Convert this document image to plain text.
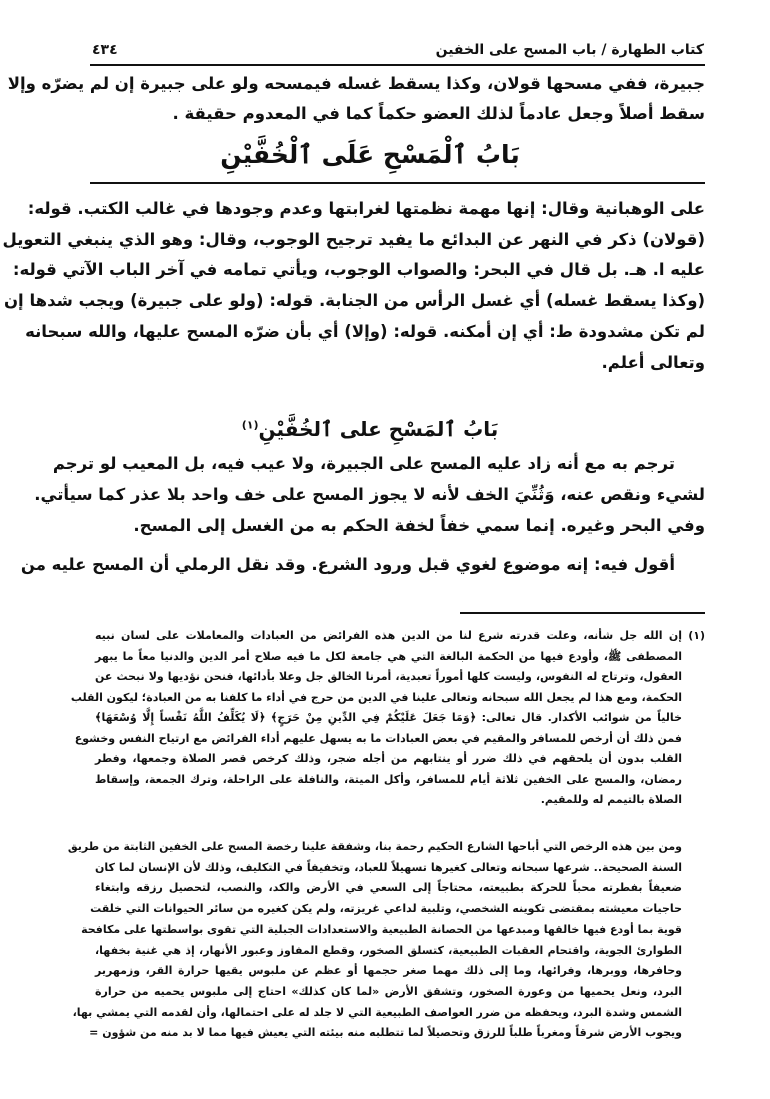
٤٣٤	كتاب الطهارة / باب المسح على الخفين
جبيرة، ففي مسحها قولان، وكذا يسقط غسله فيمسحه ولو على جبيرة إن لم يضرّه وإلا
سقط أصلاً وجعل عادماً لذلك العضو حكماً كما في المعدوم حقيقة .
بَابُ ٱلْمَسْحِ عَلَى ٱلْخُفَّيْنِ
على الوهبانية وقال: إنها مهمة نظمتها لغرابتها وعدم وجودها في غالب الكتب. قوله:
(قولان) ذكر في النهر عن البدائع ما يفيد ترجيح الوجوب، وقال: وهو الذي ينبغي التعويل
عليه ا. هـ. بل قال في البحر: والصواب الوجوب، ويأتي تمامه في آخر الباب الآتي قوله:
(وكذا يسقط غسله) أي غسل الرأس من الجنابة. قوله: (ولو على جبيرة) ويجب شدها إن
لم تكن مشدودة ط: أي إن أمكنه. قوله: (وإلا) أي بأن ضرّه المسح عليها، والله سبحانه
وتعالى أعلم.
بَابُ ٱلمَسْحِ على ٱلخُفَّيْنِ$^{(١)}$
ترجم به مع أنه زاد عليه المسح على الجبيرة، ولا عيب فيه، بل المعيب لو ترجم
لشيء ونقص عنه، وَثُنِّيَ الخف لأنه لا يجوز المسح على خف واحد بلا عذر كما سيأتي.
وفي البحر وغيره. إنما سمي خفاً لخفة الحكم به من الغسل إلى المسح.
أقول فيه: إنه موضوع لغوي قبل ورود الشرع. وقد نقل الرملي أن المسح عليه من
(١)
إن الله جل شأنه، وعلت قدرته شرع لنا من الدين هذه الفرائض من العبادات والمعاملات على لسان نبيه
المصطفى ﷺ، وأودع فيها من الحكمة البالغة التي هي جامعة لكل ما فيه صلاح أمر الدين والدنيا معاً ما يبهر
العقول، وترتاح له النفوس، وليست كلها أموراً تعبدية، أمرنا الخالق جل وعلا بأدائها، فنحن نؤديها ولا نبحث عن
الحكمة، ومع هذا لم يجعل الله سبحانه وتعالى علينا في الدين من حرج في أداء ما كلفنا به من العبادة؛ ليكون القلب
خالياً من شوائب الأكدار. قال تعالى: ﴿وَمَا جَعَلَ عَلَيْكُمْ فِي الدِّينِ مِنْ حَرَجٍ﴾ ﴿لَا يُكَلِّفُ اللَّهُ نَفْساً إِلَّا وُسْعَهَا﴾
فمن ذلك أن أرخص للمسافر والمقيم في بعض العبادات ما به يسهل عليهم أداء الفرائض مع ارتياح النفس وخشوع
القلب بدون أن يلحقهم في ذلك ضرر أو ينتابهم من أجله ضجر، وذلك كرخص قصر الصلاة وجمعها، وفطر
رمضان، والمسح على الخفين ثلاثة أيام للمسافر، وأكل الميتة، والنافلة على الراحلة، وترك الجمعة، وإسقاط
الصلاة بالتيمم له وللمقيم.
ومن بين هذه الرخص التي أباحها الشارع الحكيم رحمة بنا، وشفقة علينا رخصة المسح على الخفين الثابتة من طريق
السنة الصحيحة.. شرعها سبحانه وتعالى كغيرها تسهيلاً للعباد، وتخفيفاً في التكليف، وذلك لأن الإنسان لما كان
ضعيفاً بفطرته محباً للحركة بطبيعته، محتاجاً إلى السعي في الأرض والكد، والنصب، لتحصيل رزقه وابتغاء
حاجيات معيشته بمقتضى تكوينه الشخصي، وتلبية لداعي غريزته، ولم يكن كغيره من سائر الحيوانات التي خلقت
قوية بما أودع فيها خالقها ومبدعها من الحصانة الطبيعية والاستعدادات الجبلية التي تقوى بواسطتها على مكافحة
الطوارئ الجوية، واقتحام العقبات الطبيعية، كتسلق الصخور، وقطع المفاوز وعبور الأنهار، إذ هي غنية بخفها،
وحافرها، ووبرها، وفرائها، وما إلى ذلك مهما صغر حجمها أو عظم عن ملبوس يقيها حرارة القر، وزمهرير
البرد، ونعل يحميها من وعورة الصخور، وتشقق الأرض «لما كان كذلك» احتاج إلى ملبوس يحميه من حرارة
الشمس وشدة البرد، ويحفظه من ضرر العواصف الطبيعية التي لا جلد له على احتمالها، وأن لقدمه التي يمشي بها،
ويجوب الأرض شرقاً ومغرباً طلباً للرزق وتحصيلاً لما تتطلبه منه بيئته التي يعيش فيها مما لا بد منه من شؤون =
